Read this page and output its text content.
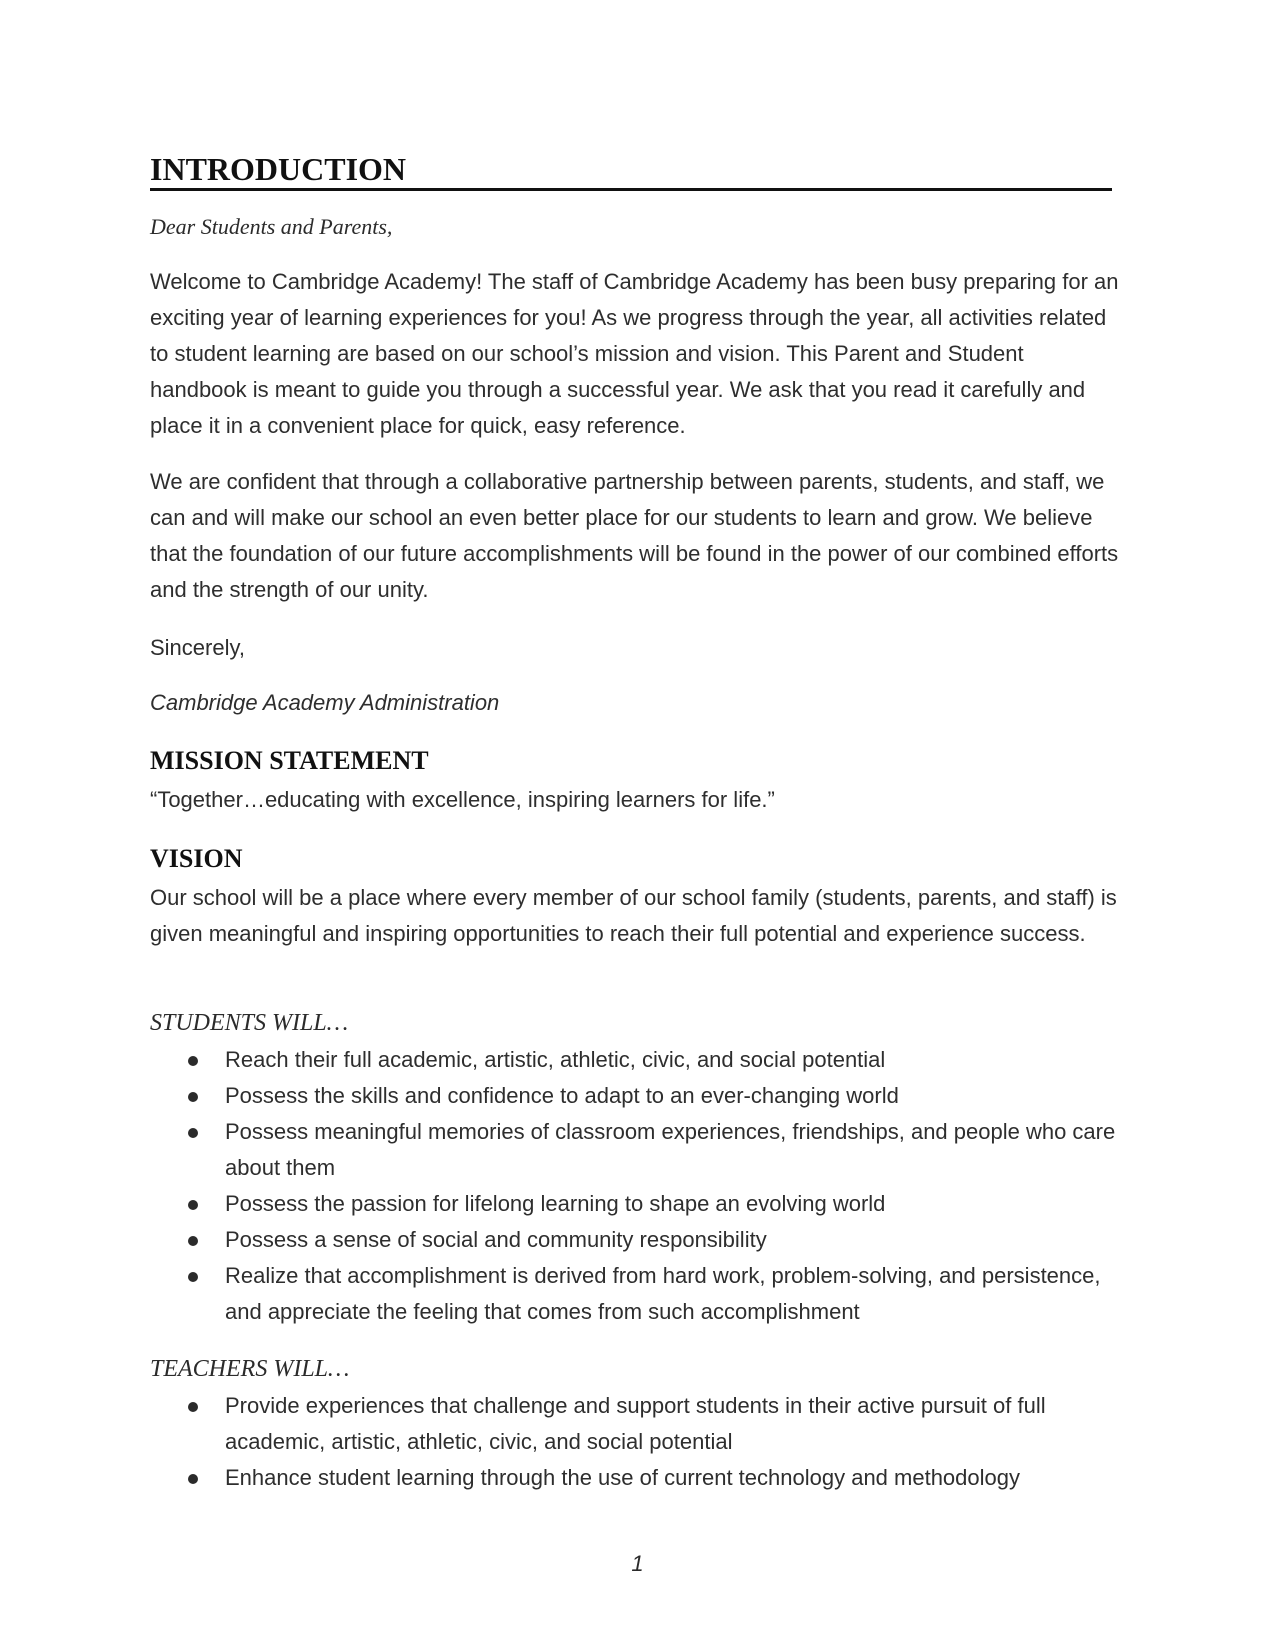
INTRODUCTION

Dear Students and Parents,

Welcome to Cambridge Academy! The staff of Cambridge Academy has been busy preparing for an exciting year of learning experiences for you! As we progress through the year, all activities related to student learning are based on our school’s mission and vision. This Parent and Student handbook is meant to guide you through a successful year. We ask that you read it carefully and place it in a convenient place for quick, easy reference.

We are confident that through a collaborative partnership between parents, students, and staff, we can and will make our school an even better place for our students to learn and grow. We believe that the foundation of our future accomplishments will be found in the power of our combined efforts and the strength of our unity.

Sincerely,

Cambridge Academy Administration

MISSION STATEMENT

“Together…educating with excellence, inspiring learners for life.”

VISION

Our school will be a place where every member of our school family (students, parents, and staff) is given meaningful and inspiring opportunities to reach their full potential and experience success.

STUDENTS WILL…

Reach their full academic, artistic, athletic, civic, and social potential
Possess the skills and confidence to adapt to an ever-changing world
Possess meaningful memories of classroom experiences, friendships, and people who care about them
Possess the passion for lifelong learning to shape an evolving world
Possess a sense of social and community responsibility
Realize that accomplishment is derived from hard work, problem-solving, and persistence, and appreciate the feeling that comes from such accomplishment

TEACHERS WILL…

Provide experiences that challenge and support students in their active pursuit of full academic, artistic, athletic, civic, and social potential
Enhance student learning through the use of current technology and methodology
1
